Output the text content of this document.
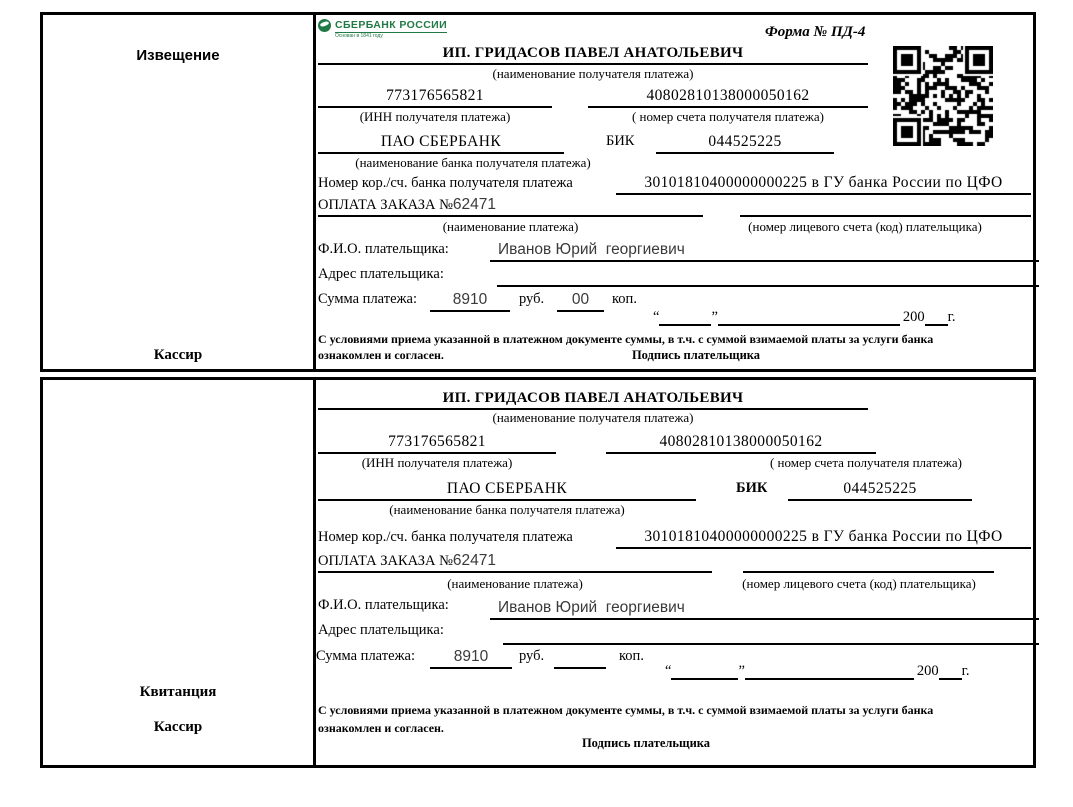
Извещение
Кассир
СБЕРБАНК РОССИИ
Основан в 1841 году	Форма № ПД-4
ИП. ГРИДАСОВ ПАВЕЛ АНАТОЛЬЕВИЧ
(наименование получателя платежа)
773176565821	40802810138000050162
(ИНН получателя платежа)	( номер счета получателя платежа)
ПАО СБЕРБАНК	БИК	044525225
(наименование банка получателя платежа)
Номер кор./сч. банка получателя платежа	30101810400000000225 в ГУ банка России по ЦФО
ОПЛАТА ЗАКАЗА № 62471
(наименование платежа)	(номер лицевого счета (код) плательщика)
Ф.И.О. плательщика:	Иванов Юрий  георгиевич
Адрес плательщика:
Сумма платежа: 8910 руб. 00 коп.
“	”	200 г.
С условиями приема указанной в платежном документе суммы, в т.ч. с суммой взимаемой платы за услуги банка
ознакомлен и согласен.	Подпись плательщика
Квитанция
Кассир
ИП. ГРИДАСОВ ПАВЕЛ АНАТОЛЬЕВИЧ
(наименование получателя платежа)
773176565821	40802810138000050162
(ИНН получателя платежа)	( номер счета получателя платежа)
ПАО СБЕРБАНК	БИК	044525225
(наименование банка получателя платежа)
Номер кор./сч. банка получателя платежа	30101810400000000225 в ГУ банка России по ЦФО
ОПЛАТА ЗАКАЗА № 62471
(наименование платежа)	(номер лицевого счета (код) плательщика)
Ф.И.О. плательщика:	Иванов Юрий  георгиевич
Адрес плательщика:
Сумма платежа:	8910 руб.	коп.
“	”	200 г.
С условиями приема указанной в платежном документе суммы, в т.ч. с суммой взимаемой платы за услуги банка
ознакомлен и согласен.
Подпись плательщика
